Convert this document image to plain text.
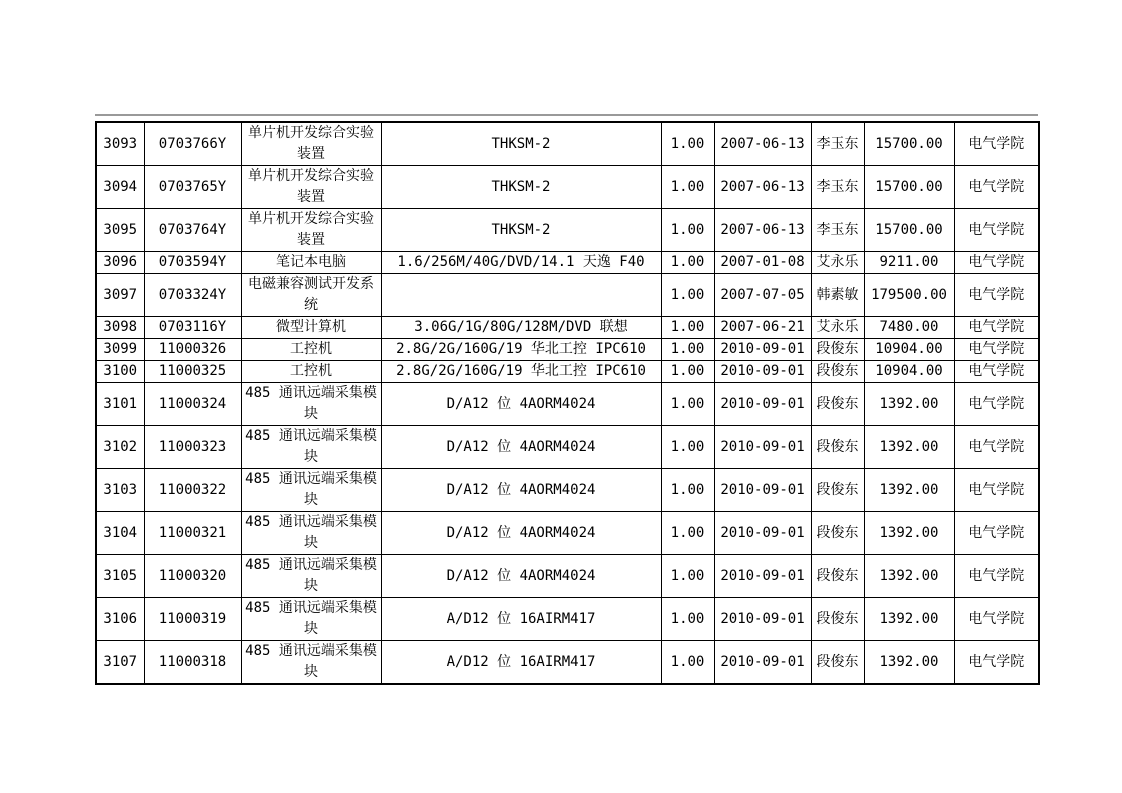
3093	0703766Y	单片机开发综合实验装置	THKSM-2	1.00	2007-06-13	李玉东	15700.00	电气学院
3094	0703765Y	单片机开发综合实验装置	THKSM-2	1.00	2007-06-13	李玉东	15700.00	电气学院
3095	0703764Y	单片机开发综合实验装置	THKSM-2	1.00	2007-06-13	李玉东	15700.00	电气学院
3096	0703594Y	笔记本电脑	1.6/256M/40G/DVD/14.1 天逸 F40	1.00	2007-01-08	艾永乐	9211.00	电气学院
3097	0703324Y	电磁兼容测试开发系统		1.00	2007-07-05	韩素敏	179500.00	电气学院
3098	0703116Y	微型计算机	3.06G/1G/80G/128M/DVD 联想	1.00	2007-06-21	艾永乐	7480.00	电气学院
3099	11000326	工控机	2.8G/2G/160G/19 华北工控 IPC610	1.00	2010-09-01	段俊东	10904.00	电气学院
3100	11000325	工控机	2.8G/2G/160G/19 华北工控 IPC610	1.00	2010-09-01	段俊东	10904.00	电气学院
3101	11000324	485 通讯远端采集模块	D/A12 位 4AORM4024	1.00	2010-09-01	段俊东	1392.00	电气学院
3102	11000323	485 通讯远端采集模块	D/A12 位 4AORM4024	1.00	2010-09-01	段俊东	1392.00	电气学院
3103	11000322	485 通讯远端采集模块	D/A12 位 4AORM4024	1.00	2010-09-01	段俊东	1392.00	电气学院
3104	11000321	485 通讯远端采集模块	D/A12 位 4AORM4024	1.00	2010-09-01	段俊东	1392.00	电气学院
3105	11000320	485 通讯远端采集模块	D/A12 位 4AORM4024	1.00	2010-09-01	段俊东	1392.00	电气学院
3106	11000319	485 通讯远端采集模块	A/D12 位 16AIRM417	1.00	2010-09-01	段俊东	1392.00	电气学院
3107	11000318	485 通讯远端采集模块	A/D12 位 16AIRM417	1.00	2010-09-01	段俊东	1392.00	电气学院
